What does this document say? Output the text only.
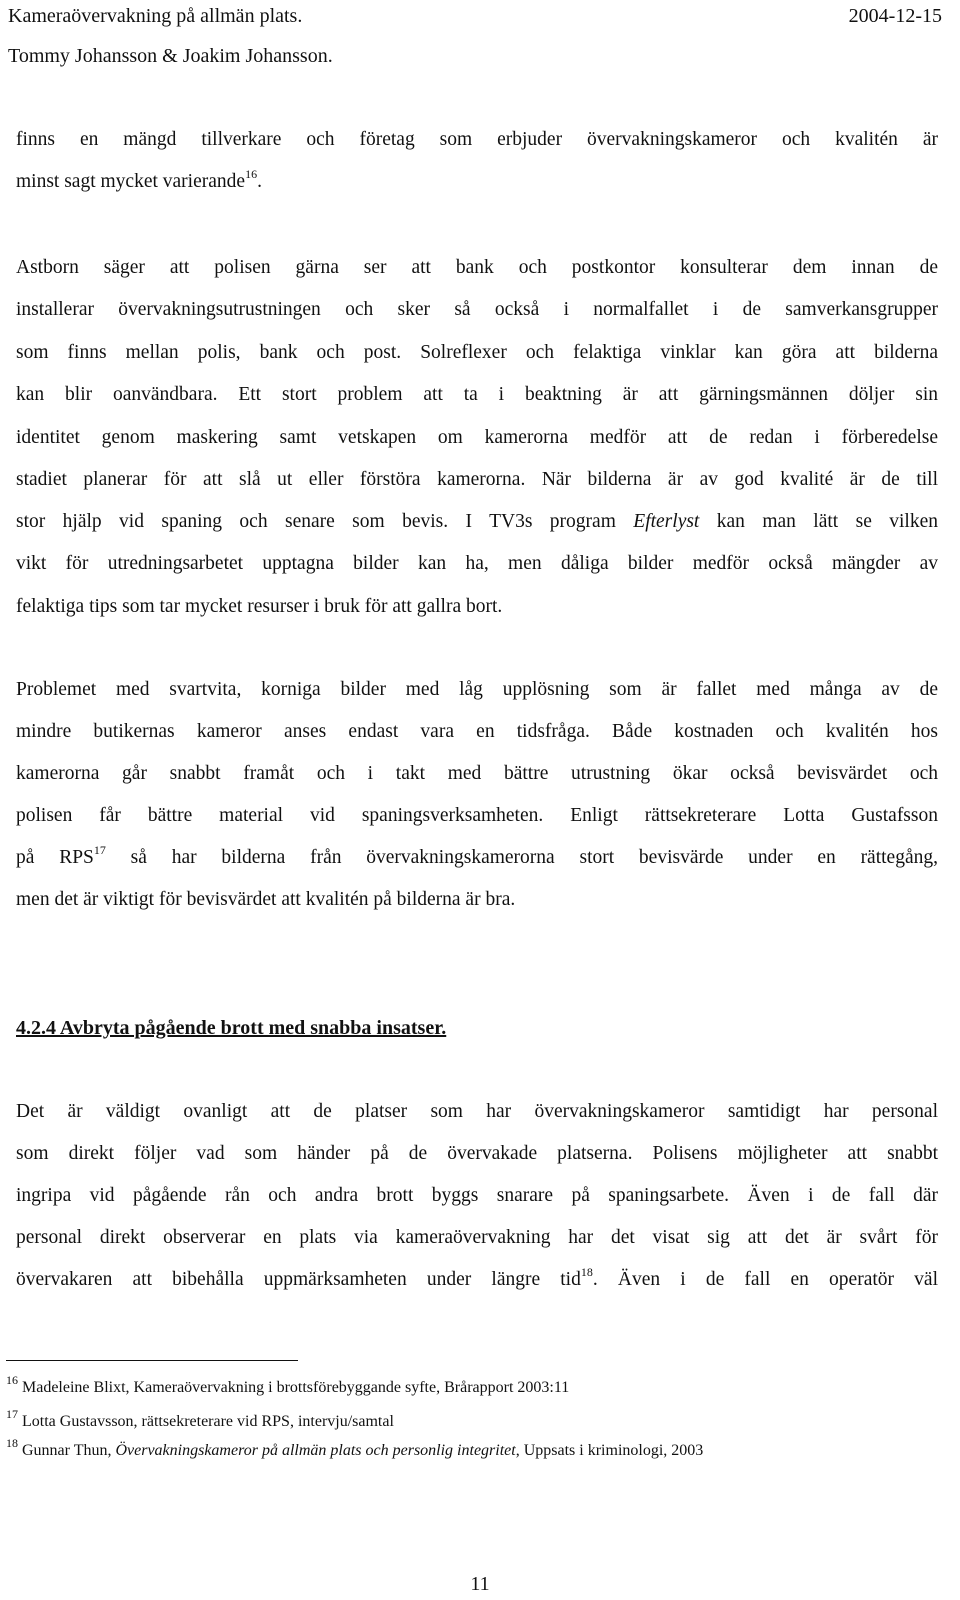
Kameraövervakning på allmän plats.	2004-12-15
Tommy Johansson & Joakim Johansson.
finns en mängd tillverkare och företag som erbjuder övervakningskameror och kvalitén är
minst sagt mycket varierande$^{16}$.
Astborn säger att polisen gärna ser att bank och postkontor konsulterar dem innan de
installerar övervakningsutrustningen och sker så också i normalfallet i de samverkansgrupper
som finns mellan polis, bank och post. Solreflexer och felaktiga vinklar kan göra att bilderna
kan blir oanvändbara. Ett stort problem att ta i beaktning är att gärningsmännen döljer sin
identitet genom maskering samt vetskapen om kamerorna medför att de redan i förberedelse
stadiet planerar för att slå ut eller förstöra kamerorna. När bilderna är av god kvalité är de till
stor hjälp vid spaning och senare som bevis. I TV3s program Efterlyst kan man lätt se vilken
vikt för utredningsarbetet upptagna bilder kan ha, men dåliga bilder medför också mängder av
felaktiga tips som tar mycket resurser i bruk för att gallra bort.
Problemet med svartvita, korniga bilder med låg upplösning som är fallet med många av de
mindre butikernas kameror anses endast vara en tidsfråga. Både kostnaden och kvalitén hos
kamerorna går snabbt framåt och i takt med bättre utrustning ökar också bevisvärdet och
polisen får bättre material vid spaningsverksamheten. Enligt rättsekreterare Lotta Gustafsson
på RPS$^{17}$ så har bilderna från övervakningskamerorna stort bevisvärde under en rättegång,
men det är viktigt för bevisvärdet att kvalitén på bilderna är bra.
4.2.4 Avbryta pågående brott med snabba insatser.
Det är väldigt ovanligt att de platser som har övervakningskameror samtidigt har personal
som direkt följer vad som händer på de övervakade platserna. Polisens möjligheter att snabbt
ingripa vid pågående rån och andra brott byggs snarare på spaningsarbete. Även i de fall där
personal direkt observerar en plats via kameraövervakning har det visat sig att det är svårt för
övervakaren att bibehålla uppmärksamheten under längre tid$^{18}$. Även i de fall en operatör väl
$^{16}$ Madeleine Blixt, Kameraövervakning i brottsförebyggande syfte, Brårapport 2003:11
$^{17}$ Lotta Gustavsson, rättsekreterare vid RPS, intervju/samtal
$^{18}$ Gunnar Thun, Övervakningskameror på allmän plats och personlig integritet, Uppsats i kriminologi, 2003
11
